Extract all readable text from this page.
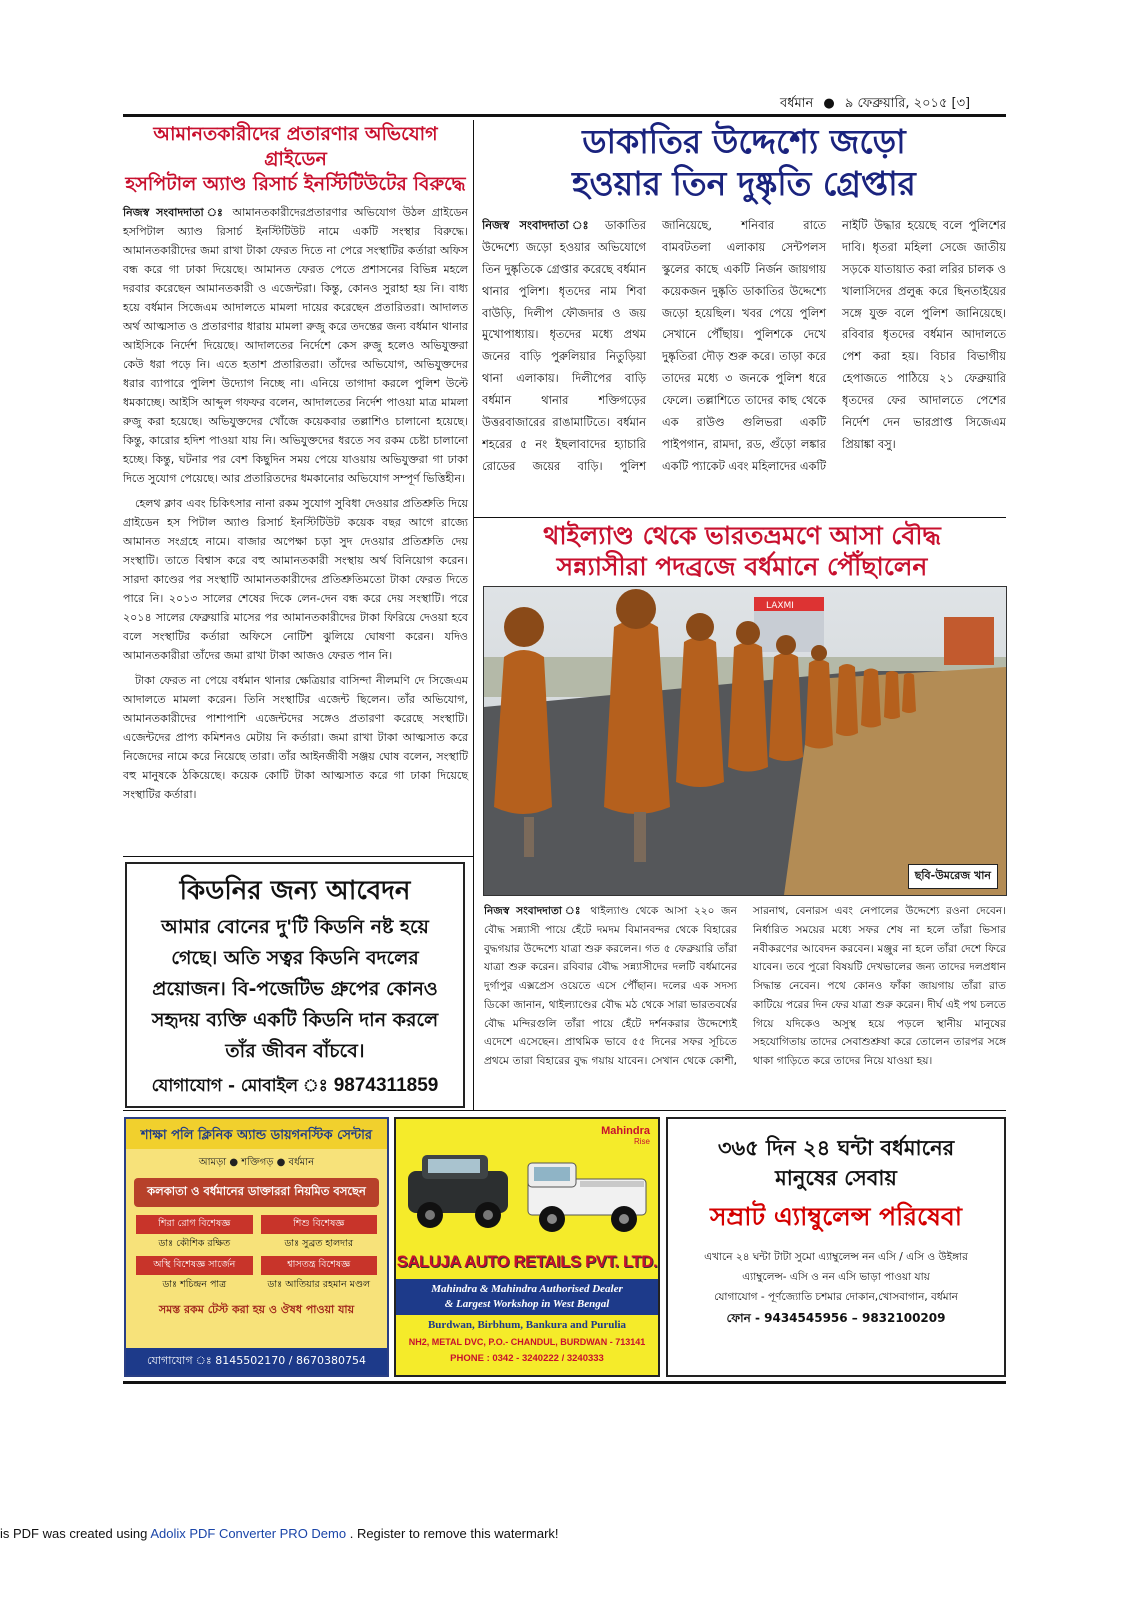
বর্ধমান ● ৯ ফেব্রুয়ারি, ২০১৫ [৩]
আমানতকারীদের প্রতারণার অভিযোগ গ্রাইডেন
হসপিটাল অ্যাণ্ড রিসার্চ ইনস্টিটিউটের বিরুদ্ধে

নিজস্ব সংবাদদাতা ঃ আমানতকারীদেরপ্রতারণার অভিযোগ উঠল গ্রাইডেন হসপিটাল অ্যাণ্ড রিসার্চ ইনস্টিটিউট নামে একটি সংস্থার বিরুদ্ধে। আমানতকারীদের জমা রাখা টাকা ফেরত দিতে না পেরে সংস্থাটির কর্তারা অফিস বন্ধ করে গা ঢাকা দিয়েছে। আমানত ফেরত পেতে প্রশাসনের বিভিন্ন মহলে দরবার করেছেন আমানতকারী ও এজেন্টরা। কিন্তু, কোনও সুরাহা হয় নি। বাধ্য হয়ে বর্ধমান সিজেএম আদালতে মামলা দায়ের করেছেন প্রতারিতরা। আদালত অর্থ আত্মসাত ও প্রতারণার ধারায় মামলা রুজু করে তদন্তের জন্য বর্ধমান থানার আইসিকে নির্দেশ দিয়েছে। আদালতের নির্দেশে কেস রুজু হলেও অভিযুক্তরা কেউ ধরা পড়ে নি। এতে হতাশ প্রতারিতরা। তাঁদের অভিযোগ, অভিযুক্তদের ধরার ব্যাপারে পুলিশ উদ্যোগ নিচ্ছে না। এনিয়ে তাগাদা করলে পুলিশ উল্টে ধমকাচ্ছে। আইসি আব্দুল গফফর বলেন, আদালতের নির্দেশ পাওয়া মাত্র মামলা রুজু করা হয়েছে। অভিযুক্তদের খোঁজে কয়েকবার তল্লাশিও চালানো হয়েছে। কিন্তু, কারোর হদিশ পাওয়া যায় নি। অভিযুক্তদের ধরতে সব রকম চেষ্টা চালানো হচ্ছে। কিন্তু, ঘটনার পর বেশ কিছুদিন সময় পেয়ে যাওয়ায় অভিযুক্তরা গা ঢাকা দিতে সুযোগ পেয়েছে। আর প্রতারিতদের ধমকানোর অভিযোগ সম্পূর্ণ ভিত্তিহীন।

হেলথ ক্লাব এবং চিকিৎসার নানা রকম সুযোগ সুবিধা দেওয়ার প্রতিশ্রুতি দিয়ে গ্রাইডেন হস পিটাল অ্যাণ্ড রিসার্চ ইনস্টিটিউট কয়েক বছর আগে রাজ্যে আমানত সংগ্রহে নামে। বাজার অপেক্ষা চড়া সুদ দেওয়ার প্রতিশ্রুতি দেয় সংস্থাটি। তাতে বিশ্বাস করে বহু আমানতকারী সংস্থায় অর্থ বিনিয়োগ করেন। সারদা কাণ্ডের পর সংস্থাটি আমানতকারীদের প্রতিশ্রুতিমতো টাকা ফেরত দিতে পারে নি। ২০১৩ সালের শেষের দিকে লেন-দেন বন্ধ করে দেয় সংস্থাটি। পরে ২০১৪ সালের ফেব্রুয়ারি মাসের পর আমানতকারীদের টাকা ফিরিয়ে দেওয়া হবে বলে সংস্থাটির কর্তারা অফিসে নোটিশ ঝুলিয়ে ঘোষণা করেন। যদিও আমানতকারীরা তাঁদের জমা রাখা টাকা আজও ফেরত পান নি।

টাকা ফেরত না পেয়ে বর্ধমান থানার ক্ষেত্রিয়ার বাসিন্দা নীলমণি দে সিজেএম আদালতে মামলা করেন। তিনি সংস্থাটির এজেন্ট ছিলেন। তাঁর অভিযোগ, আমানতকারীদের পাশাপাশি এজেন্টদের সঙ্গেও প্রতারণা করেছে সংস্থাটি। এজেন্টদের প্রাপ্য কমিশনও মেটায় নি কর্তারা। জমা রাখা টাকা আত্মসাত করে নিজেদের নামে করে নিয়েছে তারা। তাঁর আইনজীবী সঞ্জয় ঘোষ বলেন, সংস্থাটি বহু মানুষকে ঠকিয়েছে। কয়েক কোটি টাকা আত্মসাত করে গা ঢাকা দিয়েছে সংস্থাটির কর্তারা।

ডাকাতির উদ্দেশ্যে জড়ো
হওয়ার তিন দুষ্কৃতি গ্রেপ্তার
নিজস্ব সংবাদদাতা ঃ ডাকাতির উদ্দেশ্যে জড়ো হওয়ার অভিযোগে তিন দুষ্কৃতিকে গ্রেপ্তার করেছে বর্ধমান থানার পুলিশ। ধৃতদের নাম শিবা বাউড়ি, দিলীপ ফৌজদার ও জয় মুখোপাধ্যায়। ধৃতদের মধ্যে প্রথম জনের বাড়ি পুরুলিয়ার নিতুড়িয়া থানা এলাকায়। দিলীপের বাড়ি বর্ধমান থানার শক্তিগড়ের উত্তরবাজারের রাঙামাটিতে। বর্ধমান শহরের ৫ নং ইছলাবাদের হ্যাচারি রোডের জয়ের বাড়ি। পুলিশ জানিয়েছে, শনিবার রাতে বামবটতলা এলাকায় সেন্টপলস স্কুলের কাছে একটি নির্জন জায়গায় কয়েকজন দুষ্কৃতি ডাকাতির উদ্দেশ্যে জড়ো হয়েছিল। খবর পেয়ে পুলিশ সেখানে পৌঁছায়। পুলিশকে দেখে দুষ্কৃতিরা দৌড় শুরু করে। তাড়া করে তাদের মধ্যে ৩ জনকে পুলিশ ধরে ফেলে। তল্লাশিতে তাদের কাছ থেকে এক রাউণ্ড গুলিভরা একটি পাইপগান, রামদা, রড, গুঁড়ো লঙ্কার একটি প্যাকেট এবং মহিলাদের একটি নাইটি উদ্ধার হয়েছে বলে পুলিশের দাবি। ধৃতরা মহিলা সেজে জাতীয় সড়কে যাতায়াত করা লরির চালক ও খালাসিদের প্রলুব্ধ করে ছিনতাইয়ের সঙ্গে যুক্ত বলে পুলিশ জানিয়েছে। রবিবার ধৃতদের বর্ধমান আদালতে পেশ করা হয়। বিচার বিভাগীয় হেপাজতে পাঠিয়ে ২১ ফেব্রুয়ারি ধৃতদের ফের আদালতে পেশের নির্দেশ দেন ভারপ্রাপ্ত সিজেএম প্রিয়াঙ্কা বসু।
থাইল্যাণ্ড থেকে ভারতভ্রমণে আসা বৌদ্ধ
সন্ন্যাসীরা পদব্রজে বর্ধমানে পৌঁছালেন
LAXMI
ছবি-উমরেজ খান
নিজস্ব সংবাদদাতা ঃ থাইল্যাণ্ড থেকে আসা ২২০ জন বৌদ্ধ সন্ন্যাসী পায়ে হেঁটে দমদম বিমানবন্দর থেকে বিহারের বুদ্ধগয়ার উদ্দেশ্যে যাত্রা শুরু করলেন। গত ৫ ফেব্রুয়ারি তাঁরা যাত্রা শুরু করেন। রবিবার বৌদ্ধ সন্ন্যাসীদের দলটি বর্ধমানের দুর্গাপুর এক্সপ্রেস ওয়েতে এসে পৌঁছান। দলের এক সদস্য ডিকো জানান, থাইল্যাণ্ডের বৌদ্ধ মঠ থেকে সারা ভারতবর্ষের বৌদ্ধ মন্দিরগুলি তাঁরা পায়ে হেঁটে দর্শনকরার উদ্দেশ্যেই এদেশে এসেছেন। প্রাথমিক ভাবে ৫৫ দিনের সফর সূচিতে প্রথমে তারা বিহারের বুদ্ধ গয়ায় যাবেন। সেখান থেকে কোশী, সারনাথ, বেনারস এবং নেপালের উদ্দেশ্যে রওনা দেবেন। নির্ধারিত সময়ের মধ্যে সফর শেষ না হলে তাঁরা ভিসার নবীকরণের আবেদন করবেন। মঞ্জুর না হলে তাঁরা দেশে ফিরে যাবেন। তবে পুরো বিষয়টি দেখভালের জন্য তাদের দলপ্রধান সিদ্ধান্ত নেবেন। পথে কোনও ফাঁকা জায়গায় তাঁরা রাত কাটিয়ে পরের দিন ফের যাত্রা শুরু করেন। দীর্ঘ এই পথ চলতে গিয়ে যদিকেও অসুস্থ হয়ে পড়লে স্থানীয় মানুষের সহযোগিতায় তাদের সেবাশুশ্রুষা করে তোলেন তারপর সঙ্গে থাকা গাড়িতে করে তাদের নিয়ে যাওয়া হয়।
কিডনির জন্য আবেদন
আমার বোনের দু'টি কিডনি নষ্ট হয়ে গেছে। অতি সত্বর কিডনি বদলের প্রয়োজন। বি-পজেটিভ গ্রুপের কোনও সহৃদয় ব্যক্তি একটি কিডনি দান করলে তাঁর জীবন বাঁচবে।
যোগাযোগ - মোবাইল ঃ 9874311859
শাক্ষা পলি ক্লিনিক অ্যান্ড ডায়গনস্টিক সেন্টার
আমড়া ● শক্তিগড় ● বর্ধমান
কলকাতা ও বর্ধমানের ডাক্তাররা নিয়মিত বসছেন
শিরা রোগ বিশেষজ্ঞ
ডাঃ কৌশিক রক্ষিত
শিশু বিশেষজ্ঞ
ডাঃ সুব্রত হালদার
অস্থি বিশেষজ্ঞ সার্জেন
ডাঃ শচিন্দ্রন পাত্র
শ্বাসতন্ত্র বিশেষজ্ঞ
ডাঃ আতিয়ার রহমান মণ্ডল
সমস্ত রকম টেস্ট করা হয় ও ঔষধ পাওয়া যায়
যোগাযোগ ঃ 8145502170 / 8670380754
Mahindra
Rise
SALUJA AUTO RETAILS PVT. LTD.
Mahindra & Mahindra Authorised Dealer
& Largest Workshop in West Bengal
Burdwan, Birbhum, Bankura and Purulia
NH2, METAL DVC, P.O.- CHANDUL, BURDWAN - 713141
PHONE : 0342 - 3240222 / 3240333
৩৬৫ দিন ২৪ ঘন্টা বর্ধমানের
মানুষের সেবায়
সম্রাট এ্যাম্বুলেন্স পরিষেবা
এখানে ২৪ ঘন্টা টাটা সুমো এ্যাম্বুলেন্স নন এসি / এসি ও উইঙ্গার
এ্যাম্বুলেন্স- এসি ও নন এসি ভাড়া পাওয়া যায়
যোগাযোগ - পূর্ণজ্যোতি চশমার দোকান,খোসবাগান, বর্ধমান
ফোন - 9434545956 – 9832100209
is PDF was created using Adolix PDF Converter PRO Demo . Register to remove this watermark!
